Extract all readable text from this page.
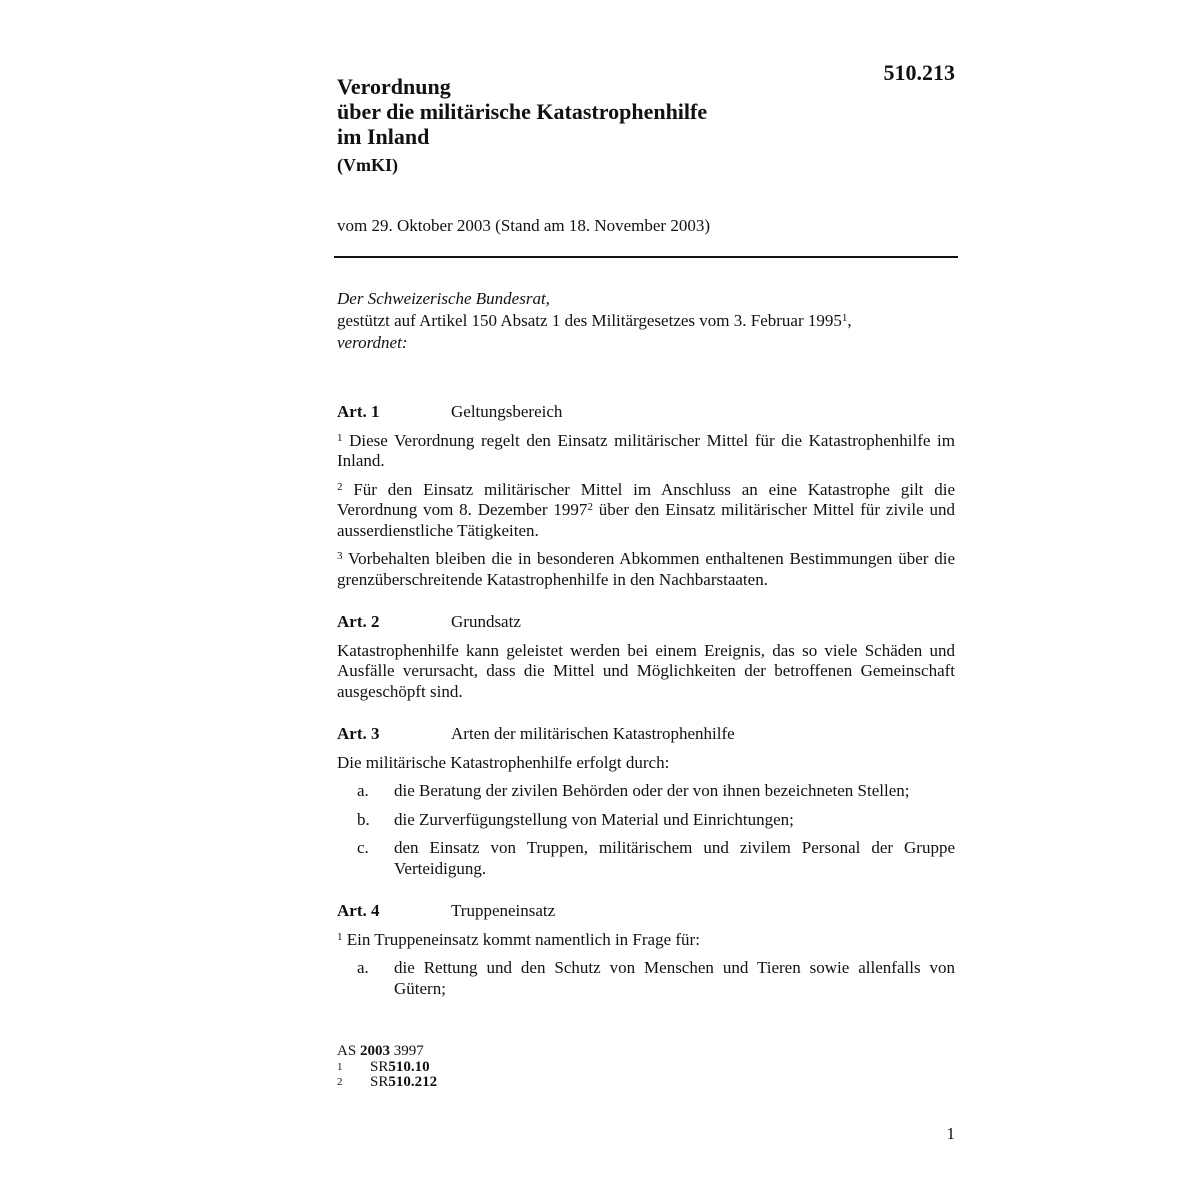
510.213
Verordnung
über die militärische Katastrophenhilfe
im Inland
(VmKI)
vom 29. Oktober 2003 (Stand am 18. November 2003)

Der Schweizerische Bundesrat,

gestützt auf Artikel 150 Absatz 1 des Militärgesetzes vom 3. Februar 1995$^1$,

verordnet:

Art. 1	Geltungsbereich

$^1$ Diese Verordnung regelt den Einsatz militärischer Mittel für die Katastrophenhilfe im Inland.

$^2$ Für den Einsatz militärischer Mittel im Anschluss an eine Katastrophe gilt die Verordnung vom 8. Dezember 1997$^2$ über den Einsatz militärischer Mittel für zivile und ausserdienstliche Tätigkeiten.

$^3$ Vorbehalten bleiben die in besonderen Abkommen enthaltenen Bestimmungen über die grenzüberschreitende Katastrophenhilfe in den Nachbarstaaten.

Art. 2	Grundsatz

Katastrophenhilfe kann geleistet werden bei einem Ereignis, das so viele Schäden und Ausfälle verursacht, dass die Mittel und Möglichkeiten der betroffenen Gemeinschaft ausgeschöpft sind.

Art. 3	Arten der militärischen Katastrophenhilfe

Die militärische Katastrophenhilfe erfolgt durch:

a.	die Beratung der zivilen Behörden oder der von ihnen bezeichneten Stellen;
b.	die Zurverfügungstellung von Material und Einrichtungen;
c.	den Einsatz von Truppen, militärischem und zivilem Personal der Gruppe Verteidigung.
Art. 4	Truppeneinsatz

$^1$ Ein Truppeneinsatz kommt namentlich in Frage für:

a.	die Rettung und den Schutz von Menschen und Tieren sowie allenfalls von Gütern;
AS 2003 3997
1	SR 510.10
2	SR 510.212
1
